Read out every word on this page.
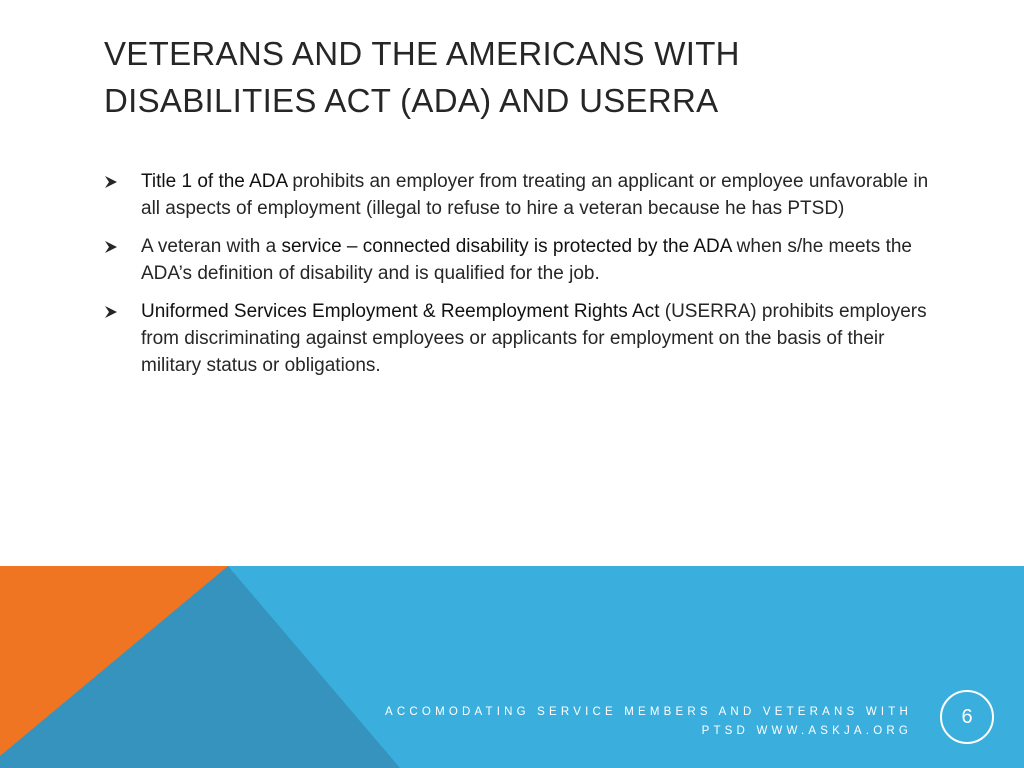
VETERANS AND THE AMERICANS WITH
DISABILITIES ACT (ADA) AND USERRA
Title 1 of the ADA prohibits an employer from treating an applicant or employee unfavorable in all aspects of employment (illegal to refuse to hire a veteran because he has PTSD)
A veteran with a service – connected disability is protected by the ADA when s/he meets the ADA’s definition of disability and is qualified for the job.
Uniformed Services Employment & Reemployment Rights Act (USERRA) prohibits employers from discriminating against employees or applicants for employment on the basis of their military status or obligations.
ACCOMODATING SERVICE MEMBERS AND VETERANS WITH
PTSD WWW.ASKJA.ORG
6
